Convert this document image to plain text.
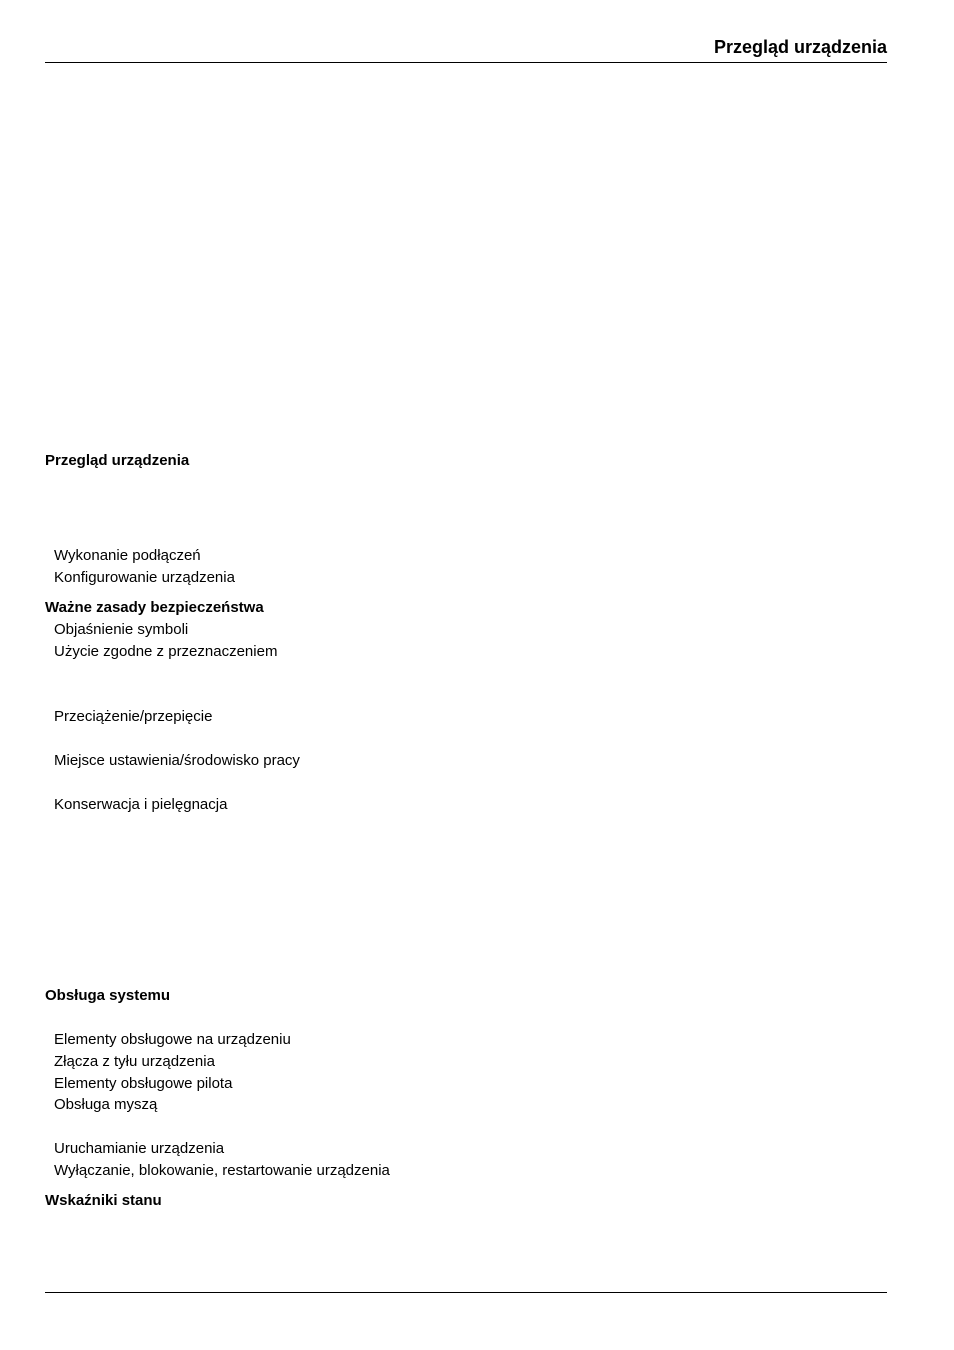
Przegląd urządzenia
Przegląd urządzenia
Wykonanie podłączeń
Konfigurowanie urządzenia
Ważne zasady bezpieczeństwa
Objaśnienie symboli
Użycie zgodne z przeznaczeniem
Przeciążenie/przepięcie
Miejsce ustawienia/środowisko pracy
Konserwacja i pielęgnacja
Obsługa systemu
Elementy obsługowe na urządzeniu
Złącza z tyłu urządzenia
Elementy obsługowe pilota
Obsługa myszą
Uruchamianie urządzenia
Wyłączanie, blokowanie, restartowanie urządzenia
Wskaźniki stanu
